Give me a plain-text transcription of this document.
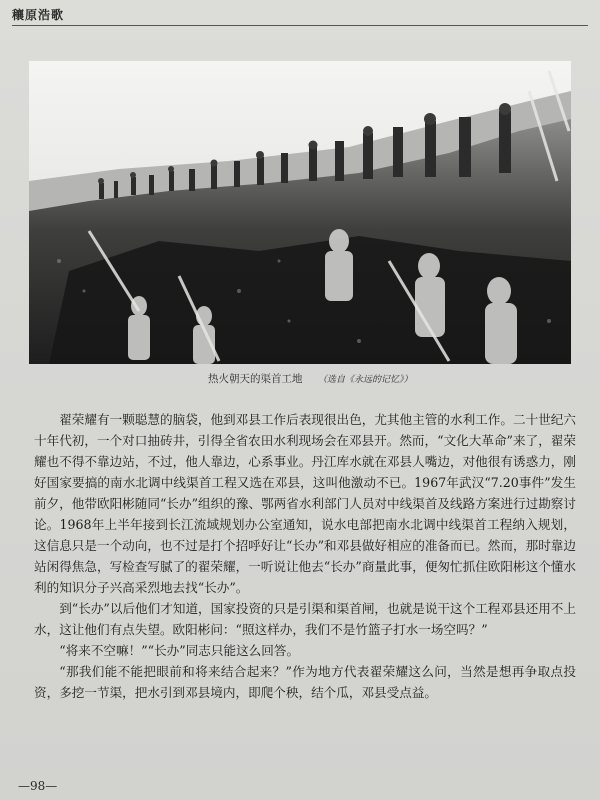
穰原浩歌
热火朝天的渠首工地 （选自《永远的记忆》）

翟荣耀有一颗聪慧的脑袋，他到邓县工作后表现很出色，尤其他主管的水利工作。二十世纪六十年代初，一个对口抽砖井，引得全省农田水利现场会在邓县开。然而，“文化大革命”来了，翟荣耀也不得不靠边站，不过，他人靠边，心系事业。丹江库水就在邓县人嘴边，对他很有诱惑力，刚好国家要搞的南水北调中线渠首工程又选在邓县，这叫他激动不已。1967年武汉“7.20事件”发生前夕，他带欧阳彬随同“长办”组织的豫、鄂两省水利部门人员对中线渠首及线路方案进行过勘察讨论。1968年上半年接到长江流域规划办公室通知，说水电部把南水北调中线渠首工程纳入规划，这信息只是一个动向，也不过是打个招呼好让“长办”和邓县做好相应的准备而已。然而，那时靠边站闲得焦急，写检查写腻了的翟荣耀，一听说让他去“长办”商量此事，便匆忙抓住欧阳彬这个懂水利的知识分子兴高采烈地去找“长办”。

到“长办”以后他们才知道，国家投资的只是引渠和渠首闸，也就是说干这个工程邓县还用不上水，这让他们有点失望。欧阳彬问：“照这样办，我们不是竹篮子打水一场空吗？”

“将来不空嘛！”“长办”同志只能这么回答。

“那我们能不能把眼前和将来结合起来？”作为地方代表翟荣耀这么问，当然是想再争取点投资，多挖一节渠，把水引到邓县境内，即爬个秧，结个瓜，邓县受点益。

—98—
